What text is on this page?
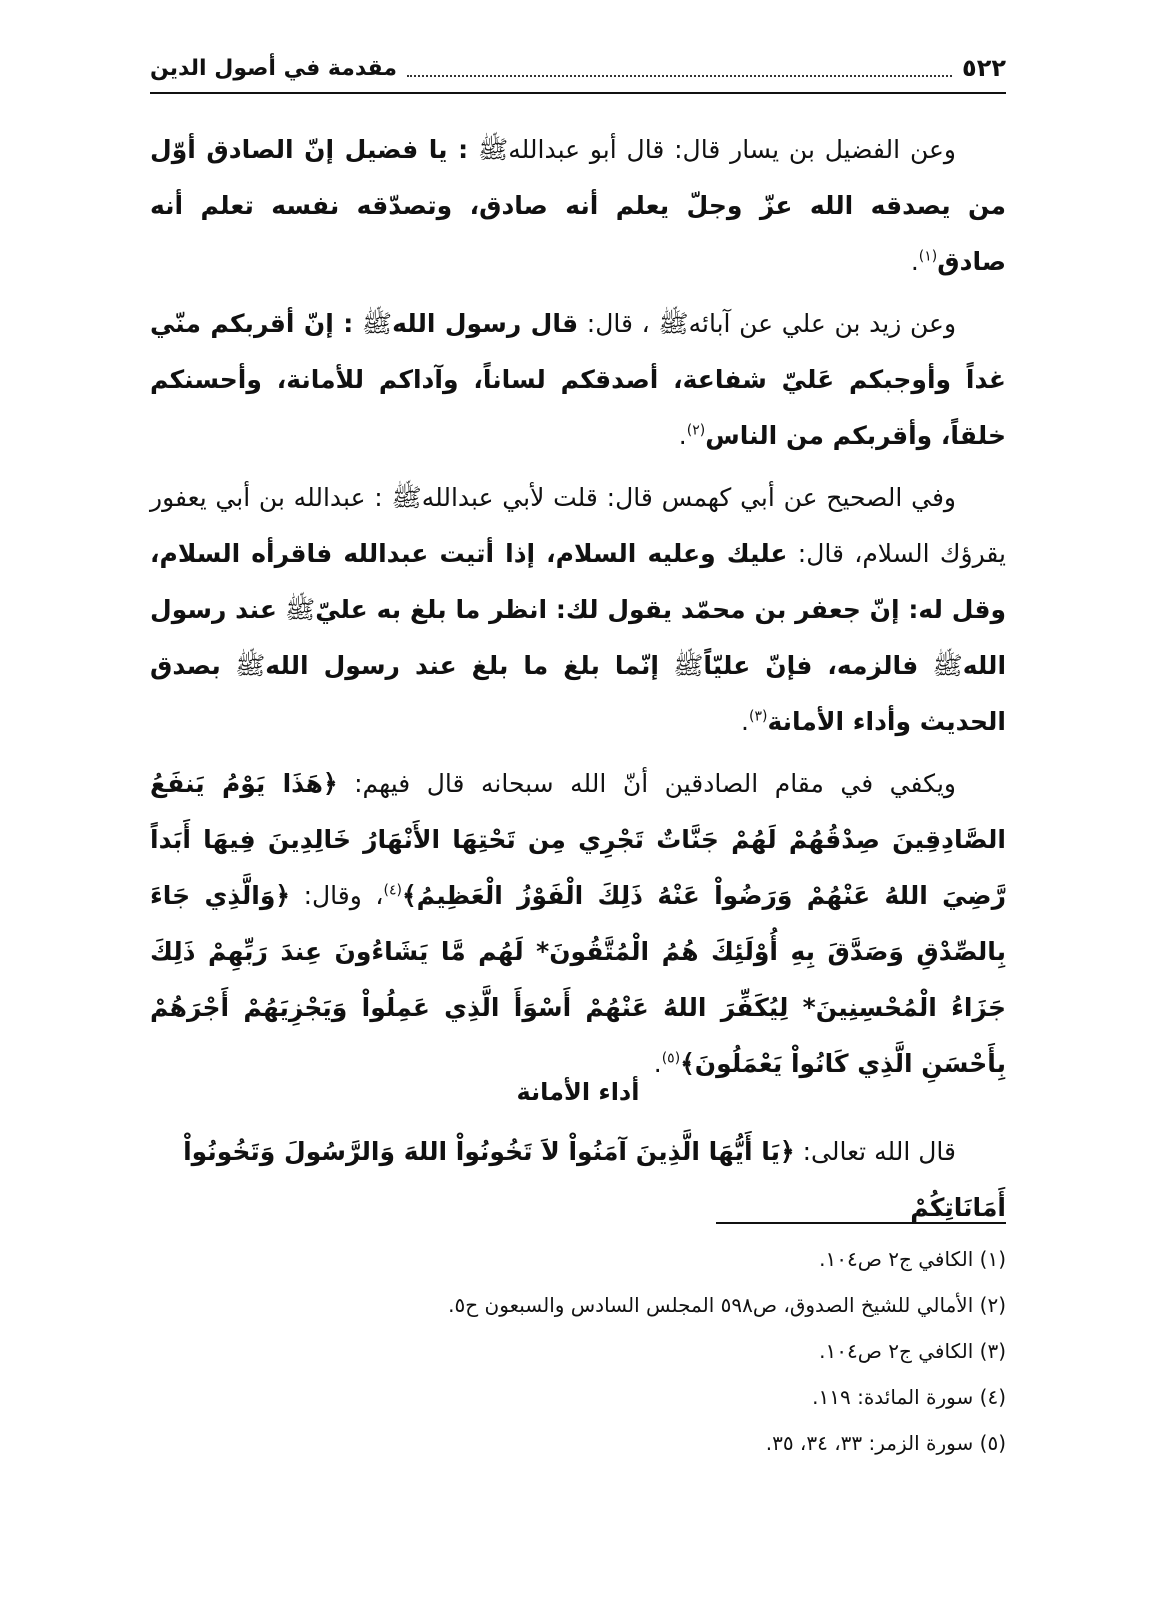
٥٢٢
مقدمة في أصول الدين

وعن الفضيل بن يسار قال: قال أبو عبداللهﷺ : يا فضيل إنّ الصادق أوّل من يصدقه الله عزّ وجلّ يعلم أنه صادق، وتصدّقه نفسه تعلم أنه صادق$^{(١)}$.

وعن زيد بن علي عن آبائهﷺ ، قال: قال رسول اللهﷺ : إنّ أقربكم منّي غداً وأوجبكم عَليّ شفاعة، أصدقكم لساناً، وآداكم للأمانة، وأحسنكم خلقاً، وأقربكم من الناس$^{(٢)}$.

وفي الصحيح عن أبي كهمس قال: قلت لأبي عبداللهﷺ : عبدالله بن أبي يعفور يقرؤك السلام، قال: عليك وعليه السلام، إذا أتيت عبدالله فاقرأه السلام، وقل له: إنّ جعفر بن محمّد يقول لك: انظر ما بلغ به عليّﷺ عند رسول اللهﷺ فالزمه، فإنّ عليّاًﷺ إنّما بلغ ما بلغ عند رسول اللهﷺ بصدق الحديث وأداء الأمانة$^{(٣)}$.

ويكفي في مقام الصادقين أنّ الله سبحانه قال فيهم: ﴿هَذَا يَوْمُ يَنفَعُ الصَّادِقِينَ صِدْقُهُمْ لَهُمْ جَنَّاتٌ تَجْرِي مِن تَحْتِهَا الأَنْهَارُ خَالِدِينَ فِيهَا أَبَداً رَّضِيَ اللهُ عَنْهُمْ وَرَضُواْ عَنْهُ ذَلِكَ الْفَوْزُ الْعَظِيمُ﴾$^{(٤)}$، وقال: ﴿وَالَّذِي جَاءَ بِالصِّدْقِ وَصَدَّقَ بِهِ أُوْلَئِكَ هُمُ الْمُتَّقُونَ* لَهُم مَّا يَشَاءُونَ عِندَ رَبِّهِمْ ذَلِكَ جَزَاءُ الْمُحْسِنِينَ* لِيُكَفِّرَ اللهُ عَنْهُمْ أَسْوَأَ الَّذِي عَمِلُواْ وَيَجْزِيَهُمْ أَجْرَهُمْ بِأَحْسَنِ الَّذِي كَانُواْ يَعْمَلُونَ﴾$^{(٥)}$.

أداء الأمانة
قال الله تعالى: ﴿يَا أَيُّهَا الَّذِينَ آمَنُواْ لاَ تَخُونُواْ اللهَ وَالرَّسُولَ وَتَخُونُواْ أَمَانَاتِكُمْ
(١) الكافي ج٢ ص١٠٤.
(٢) الأمالي للشيخ الصدوق، ص٥٩٨ المجلس السادس والسبعون ح٥.
(٣) الكافي ج٢ ص١٠٤.
(٤) سورة المائدة: ١١٩.
(٥) سورة الزمر: ٣٣، ٣٤، ٣٥.
